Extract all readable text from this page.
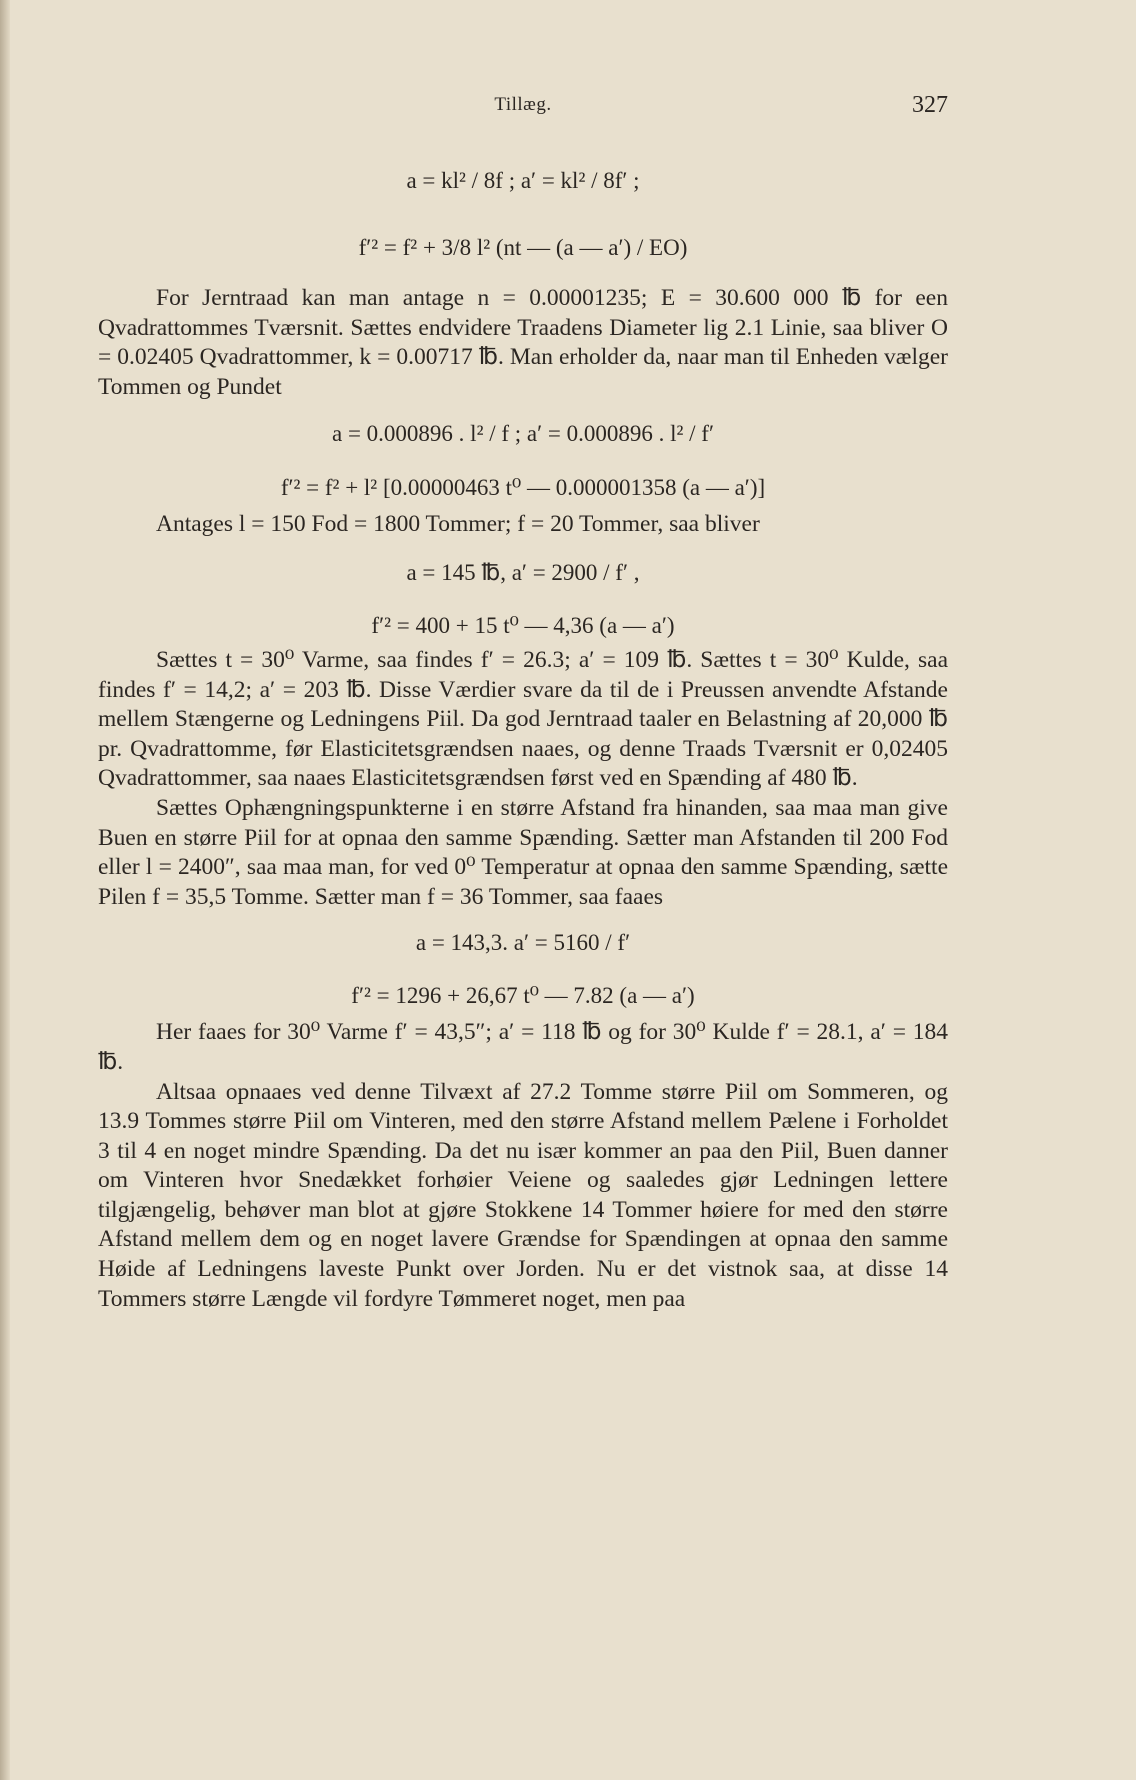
Tillæg.	327
a = kl² / 8f ; a′ = kl² / 8f′ ;
f′² = f² + 3/8 l² (nt — (a — a′) / EO)

For Jerntraad kan man antage n = 0.00001235; E = 30.600 000 ℔ for een Qvadrattommes Tværsnit. Sættes endvidere Traadens Diameter lig 2.1 Linie, saa bliver O = 0.02405 Qvadrattommer, k = 0.00717 ℔. Man erholder da, naar man til Enheden vælger Tommen og Pundet

a = 0.000896 . l² / f ; a′ = 0.000896 . l² / f′
f′² = f² + l² [0.00000463 t⁰ — 0.000001358 (a — a′)]

Antages l = 150 Fod = 1800 Tommer; f = 20 Tommer, saa bliver

a = 145 ℔, a′ = 2900 / f′ ,
f′² = 400 + 15 t⁰ — 4,36 (a — a′)

Sættes t = 30⁰ Varme, saa findes f′ = 26.3; a′ = 109 ℔. Sættes t = 30⁰ Kulde, saa findes f′ = 14,2; a′ = 203 ℔. Disse Værdier svare da til de i Preussen anvendte Afstande mellem Stængerne og Ledningens Piil. Da god Jerntraad taaler en Belastning af 20,000 ℔ pr. Qvadrattomme, før Elasticitetsgrændsen naaes, og denne Traads Tværsnit er 0,02405 Qvadrattommer, saa naaes Elasticitetsgrændsen først ved en Spænding af 480 ℔.

Sættes Ophængningspunkterne i en større Afstand fra hinanden, saa maa man give Buen en større Piil for at opnaa den samme Spænding. Sætter man Afstanden til 200 Fod eller l = 2400″, saa maa man, for ved 0⁰ Temperatur at opnaa den samme Spænding, sætte Pilen f = 35,5 Tomme. Sætter man f = 36 Tommer, saa faaes

a = 143,3. a′ = 5160 / f′
f′² = 1296 + 26,67 t⁰ — 7.82 (a — a′)

Her faaes for 30⁰ Varme f′ = 43,5″; a′ = 118 ℔ og for 30⁰ Kulde f′ = 28.1, a′ = 184 ℔.

Altsaa opnaaes ved denne Tilvæxt af 27.2 Tomme større Piil om Sommeren, og 13.9 Tommes større Piil om Vinteren, med den større Afstand mellem Pælene i Forholdet 3 til 4 en noget mindre Spænding. Da det nu især kommer an paa den Piil, Buen danner om Vinteren hvor Snedækket forhøier Veiene og saaledes gjør Ledningen lettere tilgjængelig, behøver man blot at gjøre Stokkene 14 Tommer høiere for med den større Afstand mellem dem og en noget lavere Grændse for Spændingen at opnaa den samme Høide af Ledningens laveste Punkt over Jorden. Nu er det vistnok saa, at disse 14 Tommers større Længde vil fordyre Tømmeret noget, men paa
